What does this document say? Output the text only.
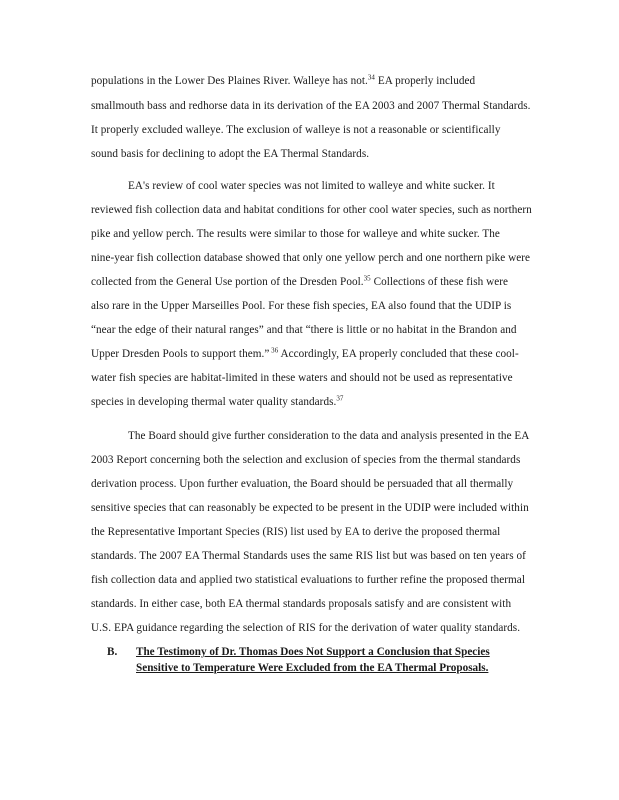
populations in the Lower Des Plaines River. Walleye has not.$^{34}$ EA properly included
smallmouth bass and redhorse data in its derivation of the EA 2003 and 2007 Thermal Standards.
It properly excluded walleye. The exclusion of walleye is not a reasonable or scientifically
sound basis for declining to adopt the EA Thermal Standards.
EA's review of cool water species was not limited to walleye and white sucker. It
reviewed fish collection data and habitat conditions for other cool water species, such as northern
pike and yellow perch. The results were similar to those for walleye and white sucker. The
nine-year fish collection database showed that only one yellow perch and one northern pike were
collected from the General Use portion of the Dresden Pool.$^{35}$ Collections of these fish were
also rare in the Upper Marseilles Pool. For these fish species, EA also found that the UDIP is
“near the edge of their natural ranges” and that “there is little or no habitat in the Brandon and
Upper Dresden Pools to support them.” $^{36}$ Accordingly, EA properly concluded that these cool-
water fish species are habitat-limited in these waters and should not be used as representative
species in developing thermal water quality standards.$^{37}$
The Board should give further consideration to the data and analysis presented in the EA
2003 Report concerning both the selection and exclusion of species from the thermal standards
derivation process. Upon further evaluation, the Board should be persuaded that all thermally
sensitive species that can reasonably be expected to be present in the UDIP were included within
the Representative Important Species (RIS) list used by EA to derive the proposed thermal
standards. The 2007 EA Thermal Standards uses the same RIS list but was based on ten years of
fish collection data and applied two statistical evaluations to further refine the proposed thermal
standards. In either case, both EA thermal standards proposals satisfy and are consistent with
U.S. EPA guidance regarding the selection of RIS for the derivation of water quality standards.
B. The Testimony of Dr. Thomas Does Not Support a Conclusion that Species
Sensitive to Temperature Were Excluded from the EA Thermal Proposals.
